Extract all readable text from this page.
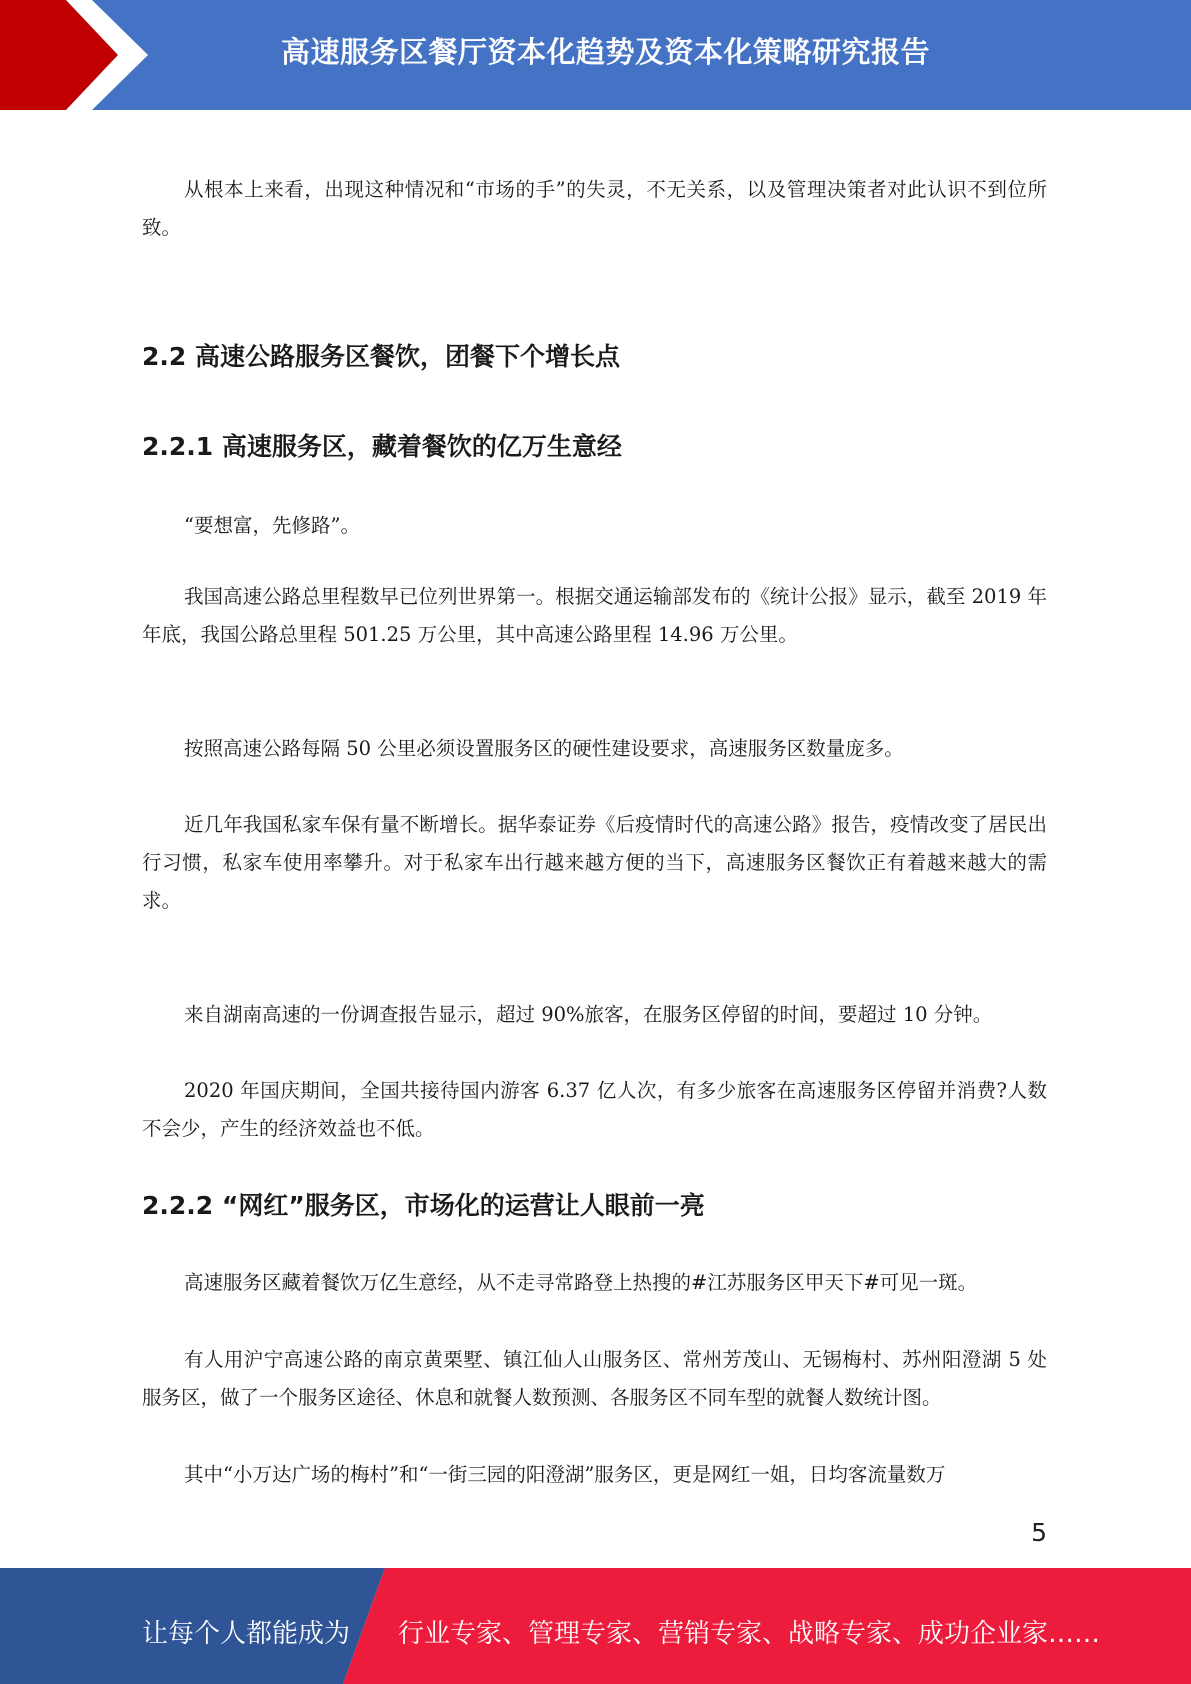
高速服务区餐厅资本化趋势及资本化策略研究报告

从根本上来看，出现这种情况和“市场的手”的失灵，不无关系，以及管理决策者对此认识不到位所致。

2.2 高速公路服务区餐饮，团餐下个增长点
2.2.1 高速服务区，藏着餐饮的亿万生意经

“要想富，先修路”。

我国高速公路总里程数早已位列世界第一。根据交通运输部发布的《统计公报》显示，截至 2019 年年底，我国公路总里程 501.25 万公里，其中高速公路里程 14.96 万公里。

按照高速公路每隔 50 公里必须设置服务区的硬性建设要求，高速服务区数量庞多。

近几年我国私家车保有量不断增长。据华泰证券《后疫情时代的高速公路》报告，疫情改变了居民出行习惯，私家车使用率攀升。对于私家车出行越来越方便的当下，高速服务区餐饮正有着越来越大的需求。

来自湖南高速的一份调查报告显示，超过 90%旅客，在服务区停留的时间，要超过 10 分钟。

2020 年国庆期间，全国共接待国内游客 6.37 亿人次，有多少旅客在高速服务区停留并消费?人数不会少，产生的经济效益也不低。

2.2.2 “网红”服务区，市场化的运营让人眼前一亮

高速服务区藏着餐饮万亿生意经，从不走寻常路登上热搜的#江苏服务区甲天下#可见一斑。

有人用沪宁高速公路的南京黄栗墅、镇江仙人山服务区、常州芳茂山、无锡梅村、苏州阳澄湖 5 处服务区，做了一个服务区途径、休息和就餐人数预测、各服务区不同车型的就餐人数统计图。

其中“小万达广场的梅村”和“一街三园的阳澄湖”服务区，更是网红一姐，日均客流量数万

5
让每个人都能成为 行业专家、管理专家、营销专家、战略专家、成功企业家……
